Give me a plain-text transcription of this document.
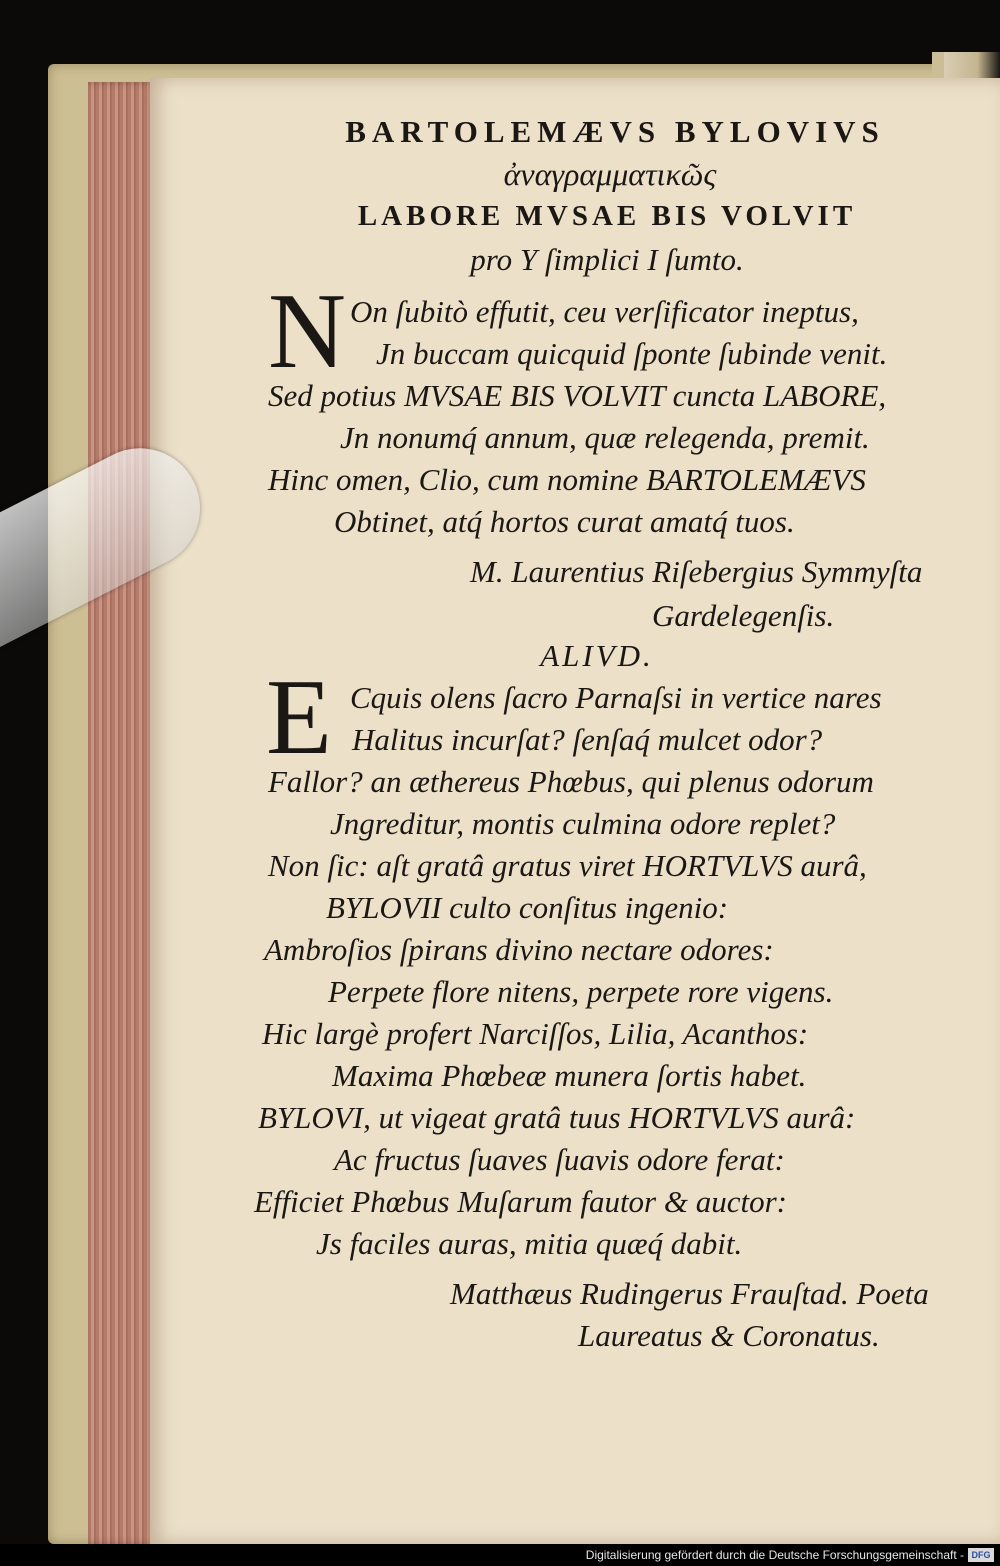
BARTOLEMÆVS BYLOVIVS
ἀναγραμματικῶς
LABORE MVSAE BIS VOLVIT
pro Y ſimplici I ſumto.
N On ſubitò effutit, ceu verſificator ineptus,
Jn buccam quicquid ſponte ſubinde venit.
Sed potius MVSAE BIS VOLVIT cuncta LABORE,
Jn nonumq́ annum, quæ relegenda, premit.
Hinc omen, Clio, cum nomine BARTOLEMÆVS
Obtinet, atq́ hortos curat amatq́ tuos.
M. Laurentius Riſebergius Symmyſta
Gardelegenſis.
ALIVD.
E Cquis olens ſacro Parnaſsi in vertice nares
Halitus incurſat? ſenſaq́ mulcet odor?
Fallor? an æthereus Phœbus, qui plenus odorum
Jngreditur, montis culmina odore replet?
Non ſic: aſt gratâ gratus viret HORTVLVS aurâ,
BYLOVII culto conſitus ingenio:
Ambroſios ſpirans divino nectare odores:
Perpete flore nitens, perpete rore vigens.
Hic largè profert Narciſſos, Lilia, Acanthos:
Maxima Phœbeæ munera ſortis habet.
BYLOVI, ut vigeat gratâ tuus HORTVLVS aurâ:
Ac fructus ſuaves ſuavis odore ferat:
Efficiet Phœbus Muſarum fautor & auctor:
Js faciles auras, mitia quæq́ dabit.
Matthæus Rudingerus Frauſtad. Poeta
Laureatus & Coronatus.
Digitalisierung gefördert durch die Deutsche Forschungsgemeinschaft - DFG
